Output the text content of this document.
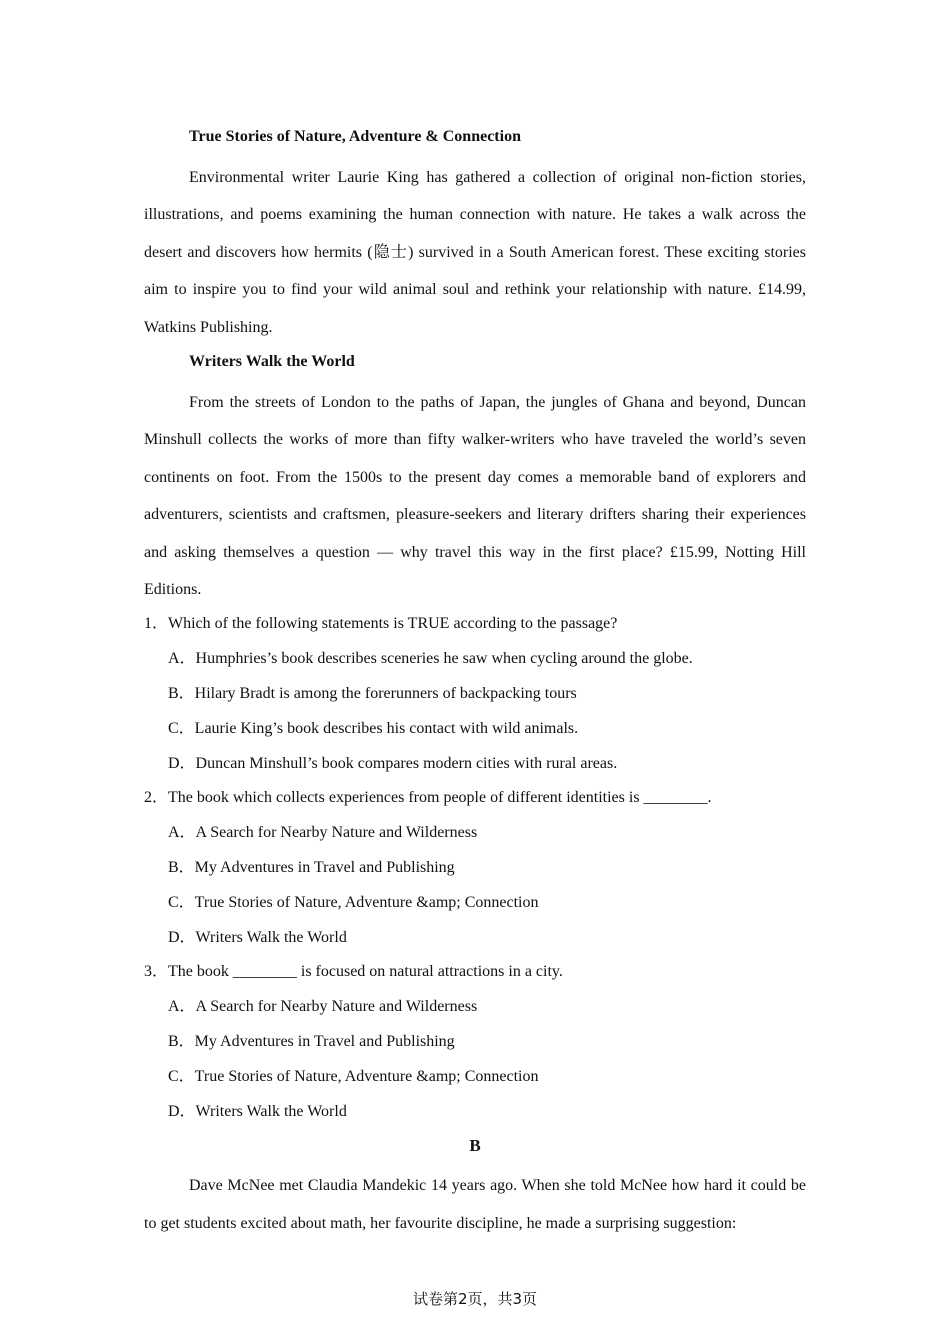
True Stories of Nature, Adventure & Connection

Environmental writer Laurie King has gathered a collection of original non-fiction stories, illustrations, and poems examining the human connection with nature. He takes a walk across the desert and discovers how hermits (隐士) survived in a South American forest. These exciting stories aim to inspire you to find your wild animal soul and rethink your relationship with nature. £14.99, Watkins Publishing.

Writers Walk the World

From the streets of London to the paths of Japan, the jungles of Ghana and beyond, Duncan Minshull collects the works of more than fifty walker-writers who have traveled the world’s seven continents on foot. From the 1500s to the present day comes a memorable band of explorers and adventurers, scientists and craftsmen, pleasure-seekers and literary drifters sharing their experiences and asking themselves a question — why travel this way in the first place? £15.99, Notting Hill Editions.

1．Which of the following statements is TRUE according to the passage?
A．Humphries’s book describes sceneries he saw when cycling around the globe.
B．Hilary Bradt is among the forerunners of backpacking tours
C．Laurie King’s book describes his contact with wild animals.
D．Duncan Minshull’s book compares modern cities with rural areas.
2．The book which collects experiences from people of different identities is ________.
A．A Search for Nearby Nature and Wilderness
B．My Adventures in Travel and Publishing
C．True Stories of Nature, Adventure &amp; Connection
D．Writers Walk the World
3．The book ________ is focused on natural attractions in a city.
A．A Search for Nearby Nature and Wilderness
B．My Adventures in Travel and Publishing
C．True Stories of Nature, Adventure &amp; Connection
D．Writers Walk the World
B

Dave McNee met Claudia Mandekic 14 years ago. When she told McNee how hard it could be to get students excited about math, her favourite discipline, he made a surprising suggestion:

试卷第2页，共3页
